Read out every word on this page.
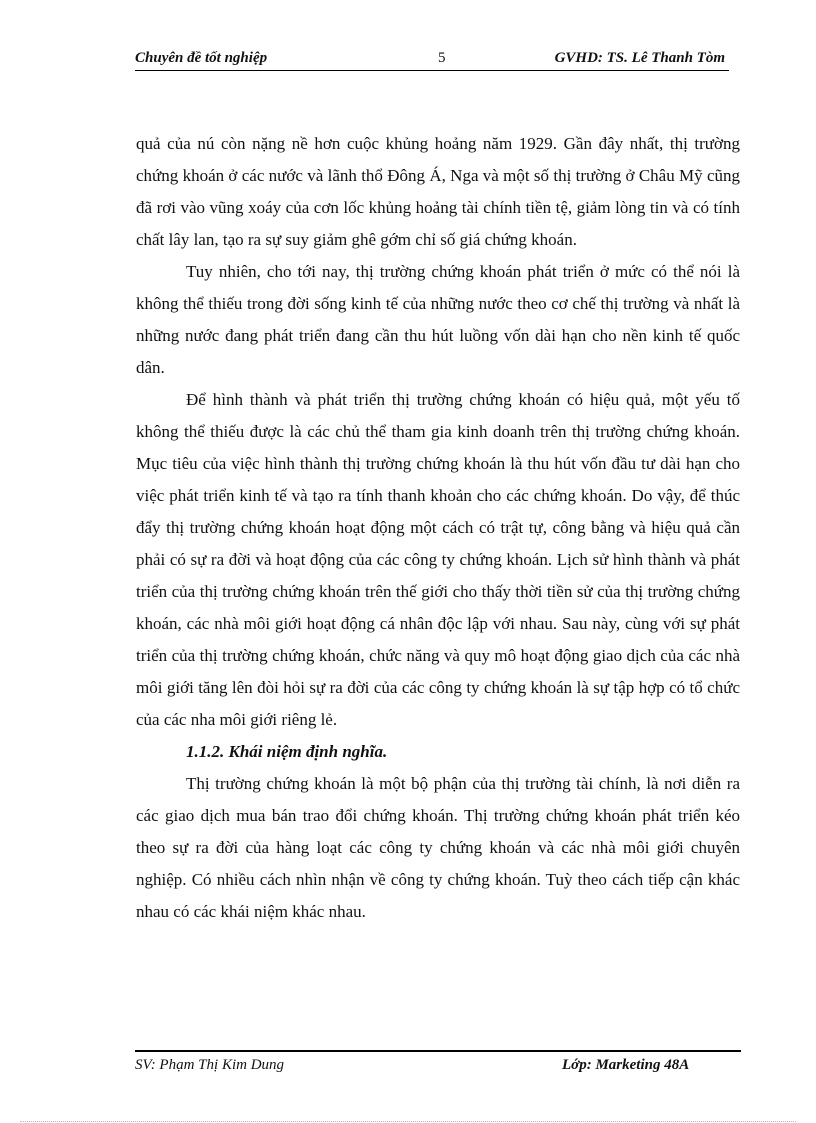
Chuyên đề tốt nghiệp	5	GVHD: TS. Lê Thanh Tòm

quả của nú còn nặng nề hơn cuộc khủng hoảng năm 1929. Gần đây nhất, thị trường chứng khoán ở các nước và lãnh thổ Đông Á, Nga và một số thị trường ở Châu Mỹ cũng đã rơi vào vũng xoáy của cơn lốc khủng hoảng tài chính tiền tệ, giảm lòng tin và có tính chất lây lan, tạo ra sự suy giảm ghê gớm chỉ số giá chứng khoán.

Tuy nhiên, cho tới nay, thị trường chứng khoán phát triển ở mức có thể nói là không thể thiếu trong đời sống kinh tế của những nước theo cơ chế thị trường và nhất là những nước đang phát triển đang cần thu hút luồng vốn dài hạn cho nền kinh tế quốc dân.

Để hình thành và phát triển thị trường chứng khoán có hiệu quả, một yếu tố không thể thiếu được là các chủ thể tham gia kinh doanh trên thị trường chứng khoán. Mục tiêu của việc hình thành thị trường chứng khoán là thu hút vốn đầu tư dài hạn cho việc phát triển kinh tế và tạo ra tính thanh khoản cho các chứng khoán. Do vậy, để thúc đẩy thị trường chứng khoán hoạt động một cách có trật tự, công bằng và hiệu quả cần phải có sự ra đời và hoạt động của các công ty chứng khoán. Lịch sử hình thành và phát triển của thị trường chứng khoán trên thế giới cho thấy thời tiền sử của thị trường chứng khoán, các nhà môi giới hoạt động cá nhân độc lập với nhau. Sau này, cùng với sự phát triển của thị trường chứng khoán, chức năng và quy mô hoạt động giao dịch của các nhà môi giới tăng lên đòi hỏi sự ra đời của các công ty chứng khoán là sự tập hợp có tổ chức của các nha môi giới riêng lẻ.

1.1.2. Khái niệm định nghĩa.

Thị trường chứng khoán là một bộ phận của thị trường tài chính, là nơi diễn ra các giao dịch mua bán trao đổi chứng khoán. Thị trường chứng khoán phát triển kéo theo sự ra đời của hàng loạt các công ty chứng khoán và các nhà môi giới chuyên nghiệp. Có nhiều cách nhìn nhận về công ty chứng khoán. Tuỳ theo cách tiếp cận khác nhau có các khái niệm khác nhau.

SV: Phạm Thị Kim Dung	Lớp: Marketing 48A
